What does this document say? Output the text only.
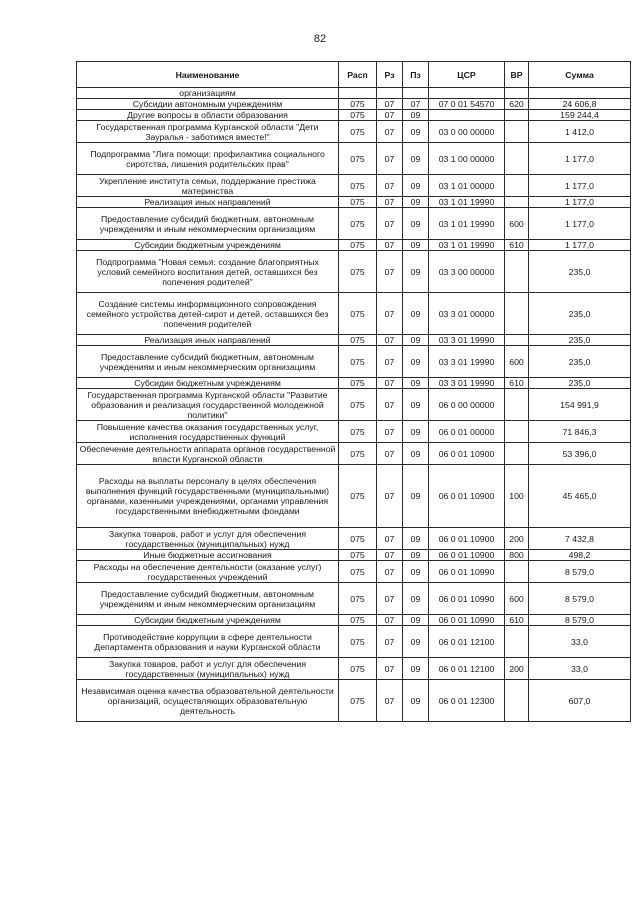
82
Наименование	Расп	Рз	Пз	ЦСР	ВР	Сумма
организациям						
Субсидии автономным учреждениям	075	07	07	07 0 01 54570	620	24 606,8
Другие вопросы в области образования	075	07	09			159 244,4
Государственная программа Курганской области "Дети Зауралья - заботимся вместе!"	075	07	09	03 0 00 00000		1 412,0
Подпрограмма "Лига помощи: профилактика социального сиротства, лишения родительских прав"	075	07	09	03 1 00 00000		1 177,0
Укрепление института семьи, поддержание престижа материнства	075	07	09	03 1 01 00000		1 177,0
Реализация иных направлений	075	07	09	03 1 01 19990		1 177,0
Предоставление субсидий бюджетным, автономным учреждениям и иным некоммерческим организациям	075	07	09	03 1 01 19990	600	1 177,0
Субсидии бюджетным учреждениям	075	07	09	03 1 01 19990	610	1 177,0
Подпрограмма "Новая семья: создание благоприятных условий семейного воспитания детей, оставшихся без попечения родителей"	075	07	09	03 3 00 00000		235,0
Создание системы информационного сопровождения семейного устройства детей-сирот и детей, оставшихся без попечения родителей	075	07	09	03 3 01 00000		235,0
Реализация иных направлений	075	07	09	03 3 01 19990		235,0
Предоставление субсидий бюджетным, автономным учреждениям и иным некоммерческим организациям	075	07	09	03 3 01 19990	600	235,0
Субсидии бюджетным учреждениям	075	07	09	03 3 01 19990	610	235,0
Государственная программа Курганской области "Развитие образования и реализация государственной молодежной политики"	075	07	09	06 0 00 00000		154 991,9
Повышение качества оказания государственных услуг, исполнения государственных функций	075	07	09	06 0 01 00000		71 846,3
Обеспечение деятельности аппарата органов государственной власти Курганской области	075	07	09	06 0 01 10900		53 396,0
Расходы на выплаты персоналу в целях обеспечения выполнения функций государственными (муниципальными) органами, казенными учреждениями, органами управления государственными внебюджетными фондами	075	07	09	06 0 01 10900	100	45 465,0
Закупка товаров, работ и услуг для обеспечения государственных (муниципальных) нужд	075	07	09	06 0 01 10900	200	7 432,8
Иные бюджетные ассигнования	075	07	09	06 0 01 10900	800	498,2
Расходы на обеспечение деятельности (оказание услуг) государственных учреждений	075	07	09	06 0 01 10990		8 579,0
Предоставление субсидий бюджетным, автономным учреждениям и иным некоммерческим организациям	075	07	09	06 0 01 10990	600	8 579,0
Субсидии бюджетным учреждениям	075	07	09	06 0 01 10990	610	8 579,0
Противодействие коррупции в сфере деятельности Департамента образования и науки Курганской области	075	07	09	06 0 01 12100		33,0
Закупка товаров, работ и услуг для обеспечения государственных (муниципальных) нужд	075	07	09	06 0 01 12100	200	33,0
Независимая оценка качества образовательной деятельности организаций, осуществляющих образовательную деятельность	075	07	09	06 0 01 12300		607,0
